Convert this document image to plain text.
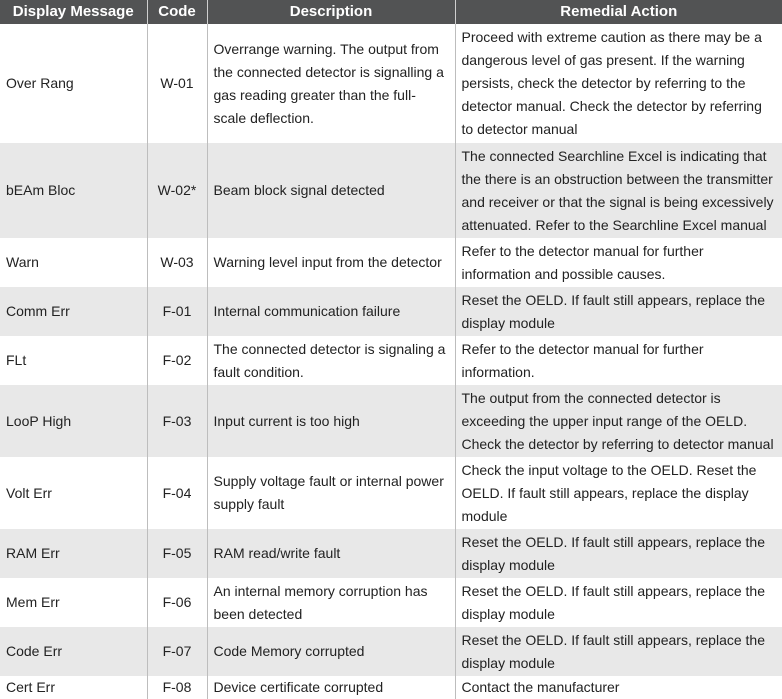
Display Message	Code	Description	Remedial Action
Over Rang	W-01	Overrange warning. The output from the connected detector is signalling a gas reading greater than the full-scale deflection.	Proceed with extreme caution as there may be a dangerous level of gas present. If the warning persists, check the detector by referring to the detector manual. Check the detector by referring to detector manual
bEAm Bloc	W-02*	Beam block signal detected	The connected Searchline Excel is indicating that the there is an obstruction between the transmitter and receiver or that the signal is being excessively attenuated. Refer to the Searchline Excel manual
Warn	W-03	Warning level input from the detector	Refer to the detector manual for further information and possible causes.
Comm Err	F-01	Internal communication failure	Reset the OELD. If fault still appears, replace the display module
FLt	F-02	The connected detector is signaling a fault condition.	Refer to the detector manual for further information.
LooP High	F-03	Input current is too high	The output from the connected detector is exceeding the upper input range of the OELD. Check the detector by referring to detector manual
Volt Err	F-04	Supply voltage fault or internal power supply fault	Check the input voltage to the OELD. Reset the OELD. If fault still appears, replace the display module
RAM Err	F-05	RAM read/write fault	Reset the OELD. If fault still appears, replace the display module
Mem Err	F-06	An internal memory corruption has been detected	Reset the OELD. If fault still appears, replace the display module
Code Err	F-07	Code Memory corrupted	Reset the OELD. If fault still appears, replace the display module
Cert Err	F-08	Device certificate corrupted	Contact the manufacturer
